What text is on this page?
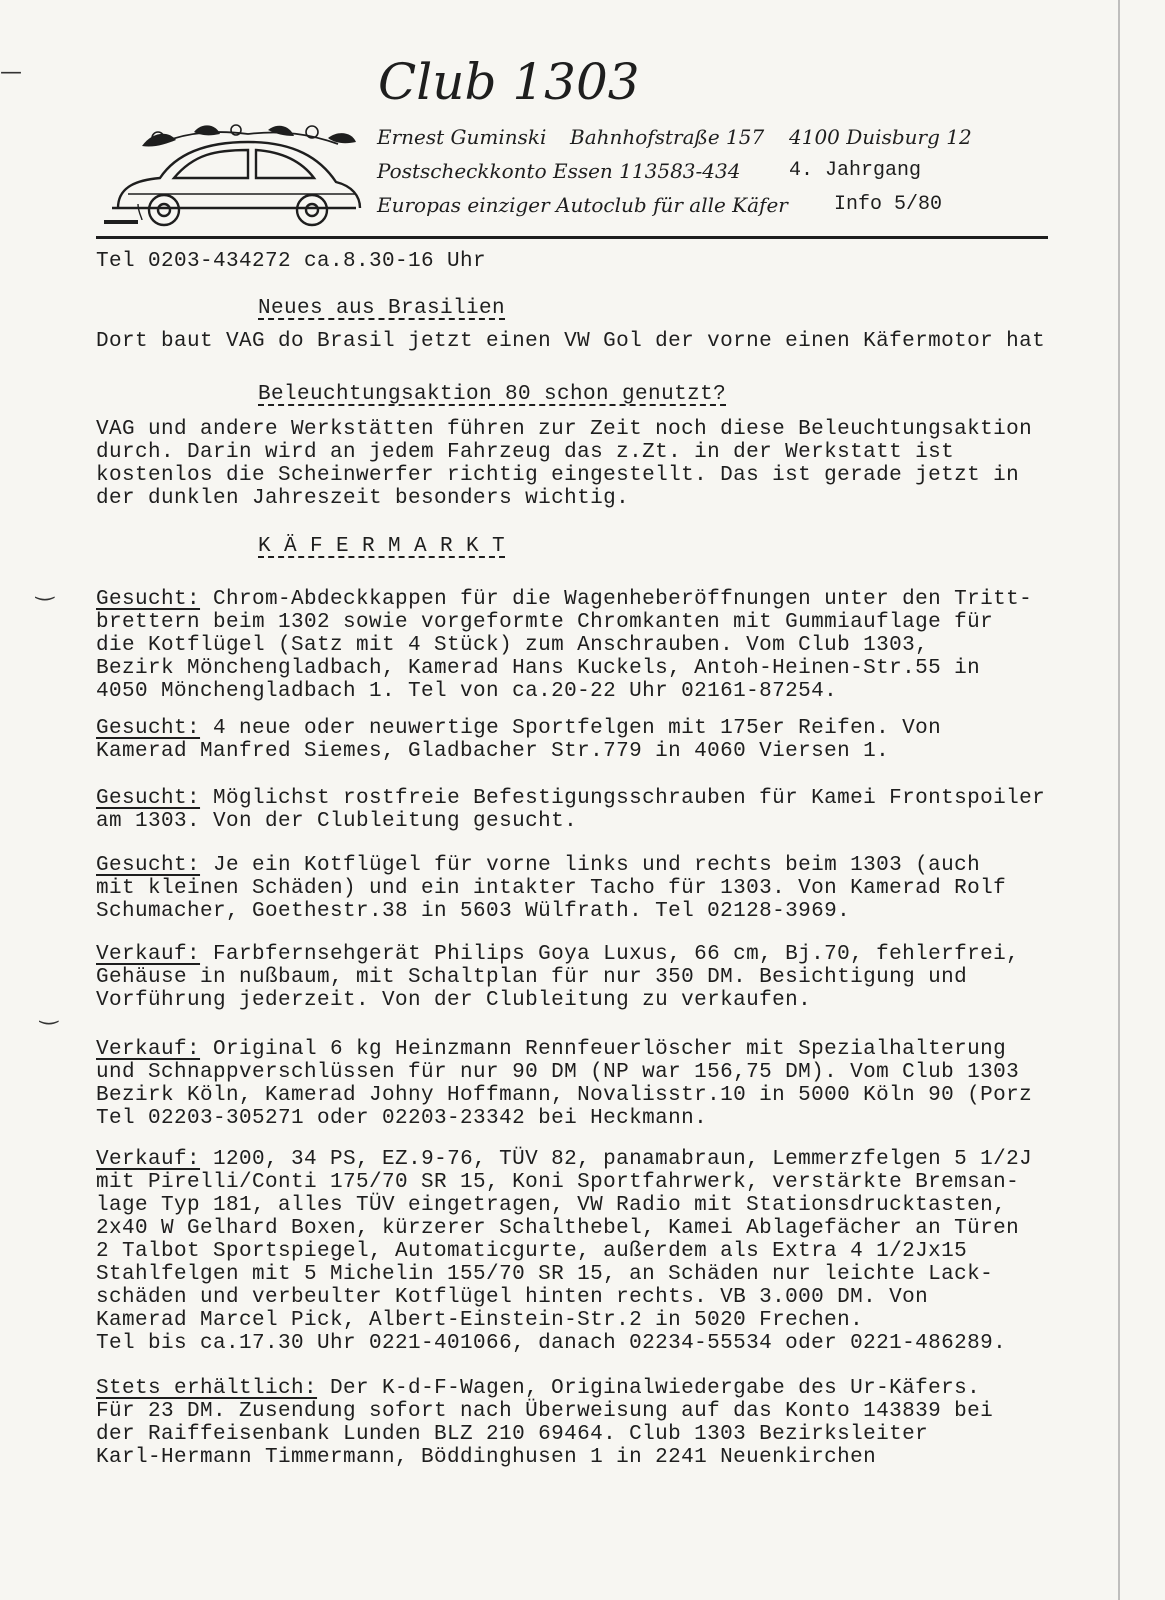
—
‿
‿
Club 1303
Ernest Guminski Bahnhofstraße 157 4100 Duisburg 12
Postscheckkonto Essen 113583-434 4. Jahrgang
Europas einziger Autoclub für alle Käfer Info 5/80
Tel 0203-434272 ca.8.30-16 Uhr
Neues aus Brasilien
Dort baut VAG do Brasil jetzt einen VW Gol der vorne einen Käfermotor hat
Beleuchtungsaktion 80 schon genutzt?
VAG und andere Werkstätten führen zur Zeit noch diese Beleuchtungsaktion
durch. Darin wird an jedem Fahrzeug das z.Zt. in der Werkstatt ist
kostenlos die Scheinwerfer richtig eingestellt. Das ist gerade jetzt in
der dunklen Jahreszeit besonders wichtig.
K Ä F E R M A R K T
Gesucht: Chrom-Abdeckkappen für die Wagenheberöffnungen unter den Tritt-
brettern beim 1302 sowie vorgeformte Chromkanten mit Gummiauflage für
die Kotflügel (Satz mit 4 Stück) zum Anschrauben. Vom Club 1303,
Bezirk Mönchengladbach, Kamerad Hans Kuckels, Antoh-Heinen-Str.55 in
4050 Mönchengladbach 1. Tel von ca.20-22 Uhr 02161-87254.
Gesucht: 4 neue oder neuwertige Sportfelgen mit 175er Reifen. Von
Kamerad Manfred Siemes, Gladbacher Str.779 in 4060 Viersen 1.
Gesucht: Möglichst rostfreie Befestigungsschrauben für Kamei Frontspoiler
am 1303. Von der Clubleitung gesucht.
Gesucht: Je ein Kotflügel für vorne links und rechts beim 1303 (auch
mit kleinen Schäden) und ein intakter Tacho für 1303. Von Kamerad Rolf
Schumacher, Goethestr.38 in 5603 Wülfrath. Tel 02128-3969.
Verkauf: Farbfernsehgerät Philips Goya Luxus, 66 cm, Bj.70, fehlerfrei,
Gehäuse in nußbaum, mit Schaltplan für nur 350 DM. Besichtigung und
Vorführung jederzeit. Von der Clubleitung zu verkaufen.
Verkauf: Original 6 kg Heinzmann Rennfeuerlöscher mit Spezialhalterung
und Schnappverschlüssen für nur 90 DM (NP war 156,75 DM). Vom Club 1303
Bezirk Köln, Kamerad Johny Hoffmann, Novalisstr.10 in 5000 Köln 90 (Porz
Tel 02203-305271 oder 02203-23342 bei Heckmann.
Verkauf: 1200, 34 PS, EZ.9-76, TÜV 82, panamabraun, Lemmerzfelgen 5 1/2J
mit Pirelli/Conti 175/70 SR 15, Koni Sportfahrwerk, verstärkte Bremsan-
lage Typ 181, alles TÜV eingetragen, VW Radio mit Stationsdrucktasten,
2x40 W Gelhard Boxen, kürzerer Schalthebel, Kamei Ablagefächer an Türen
2 Talbot Sportspiegel, Automaticgurte, außerdem als Extra 4 1/2Jx15
Stahlfelgen mit 5 Michelin 155/70 SR 15, an Schäden nur leichte Lack-
schäden und verbeulter Kotflügel hinten rechts. VB 3.000 DM. Von
Kamerad Marcel Pick, Albert-Einstein-Str.2 in 5020 Frechen.
Tel bis ca.17.30 Uhr 0221-401066, danach 02234-55534 oder 0221-486289.
Stets erhältlich: Der K-d-F-Wagen, Originalwiedergabe des Ur-Käfers.
Für 23 DM. Zusendung sofort nach Überweisung auf das Konto 143839 bei
der Raiffeisenbank Lunden BLZ 210 69464. Club 1303 Bezirksleiter
Karl-Hermann Timmermann, Böddinghusen 1 in 2241 Neuenkirchen
